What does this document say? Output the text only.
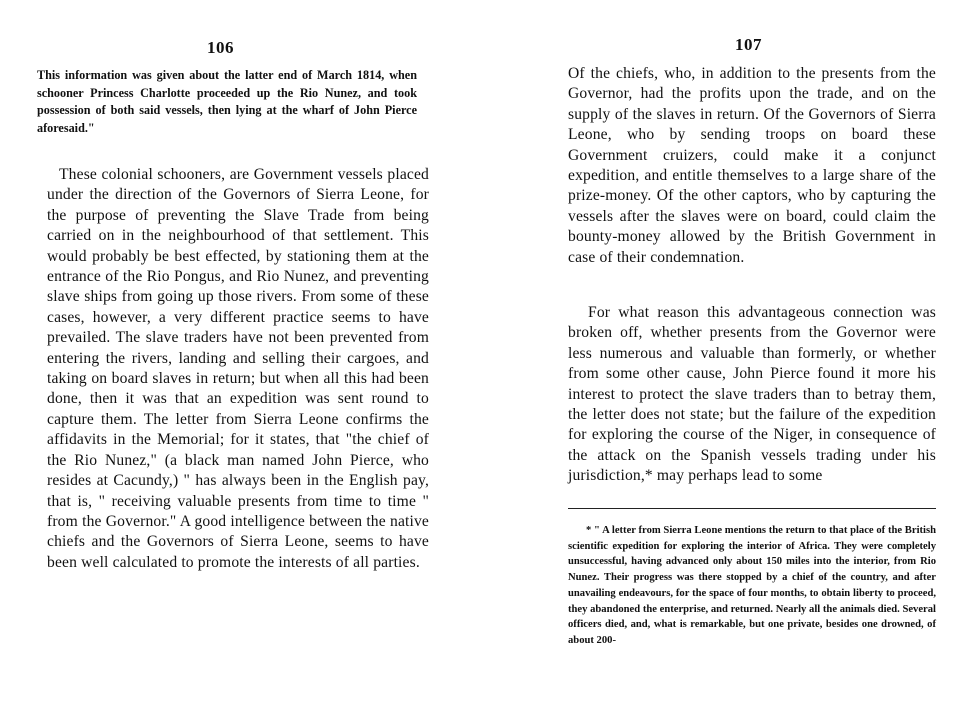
106
This information was given about the latter end of March 1814, when schooner Princess Charlotte proceeded up the Rio Nunez, and took possession of both said vessels, then lying at the wharf of John Pierce aforesaid."
These colonial schooners, are Government vessels placed under the direction of the Governors of Sierra Leone, for the purpose of preventing the Slave Trade from being carried on in the neighbourhood of that settlement. This would probably be best effected, by stationing them at the entrance of the Rio Pongus, and Rio Nunez, and preventing slave ships from going up those rivers. From some of these cases, however, a very different practice seems to have prevailed. The slave traders have not been prevented from entering the rivers, landing and selling their cargoes, and taking on board slaves in return; but when all this had been done, then it was that an expedition was sent round to capture them. The letter from Sierra Leone confirms the affidavits in the Memorial; for it states, that "the chief of the Rio Nunez," (a black man named John Pierce, who resides at Cacundy,) " has always been in the English pay, that is, " receiving valuable presents from time to time " from the Governor." A good intelligence between the native chiefs and the Governors of Sierra Leone, seems to have been well calculated to promote the interests of all parties.
107
Of the chiefs, who, in addition to the presents from the Governor, had the profits upon the trade, and on the supply of the slaves in return. Of the Governors of Sierra Leone, who by sending troops on board these Government cruizers, could make it a conjunct expedition, and entitle themselves to a large share of the prize-money. Of the other captors, who by capturing the vessels after the slaves were on board, could claim the bounty-money allowed by the British Government in case of their condemnation.
For what reason this advantageous connection was broken off, whether presents from the Governor were less numerous and valuable than formerly, or whether from some other cause, John Pierce found it more his interest to protect the slave traders than to betray them, the letter does not state; but the failure of the expedition for exploring the course of the Niger, in consequence of the attack on the Spanish vessels trading under his jurisdiction,* may perhaps lead to some
* " A letter from Sierra Leone mentions the return to that place of the British scientific expedition for exploring the interior of Africa. They were completely unsuccessful, having advanced only about 150 miles into the interior, from Rio Nunez. Their progress was there stopped by a chief of the country, and after unavailing endeavours, for the space of four months, to obtain liberty to proceed, they abandoned the enterprise, and returned. Nearly all the animals died. Several officers died, and, what is remarkable, but one private, besides one drowned, of about 200-
